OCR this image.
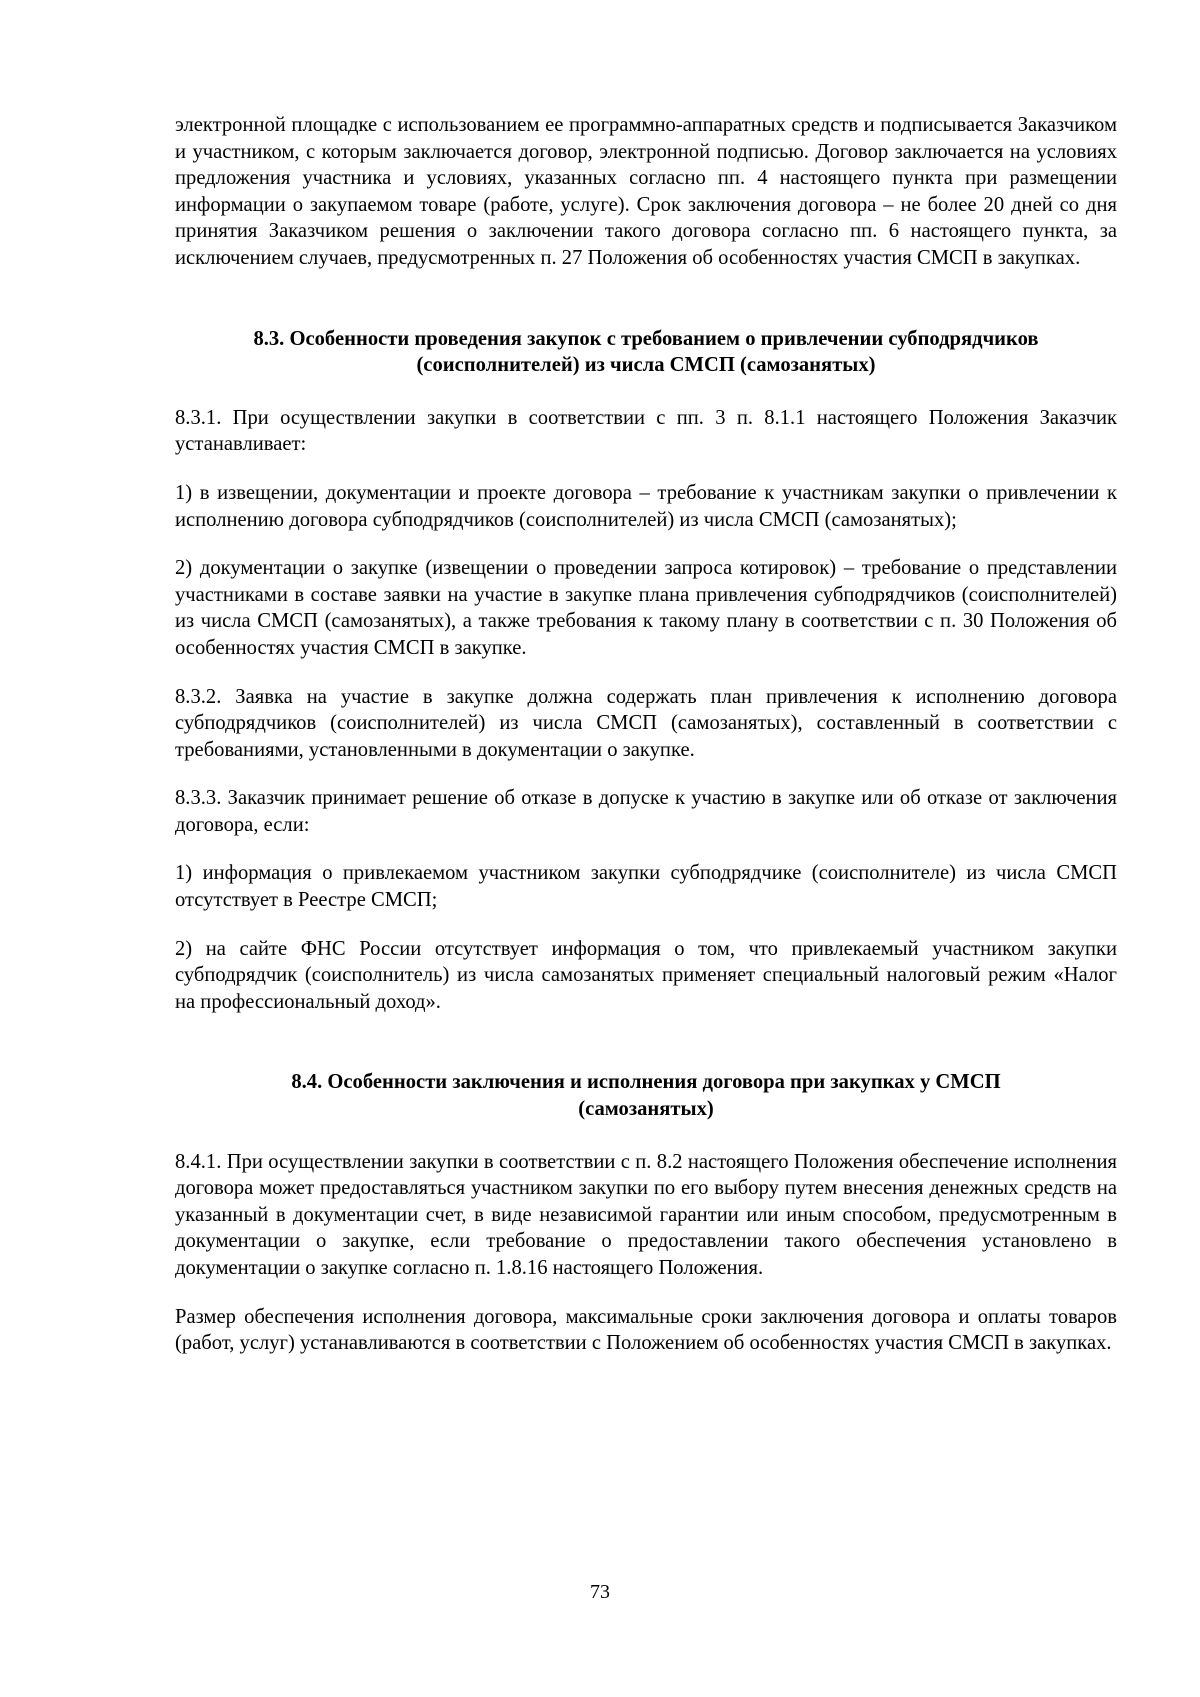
электронной площадке с использованием ее программно-аппаратных средств и подписывается Заказчиком и участником, с которым заключается договор, электронной подписью. Договор заключается на условиях предложения участника и условиях, указанных согласно пп. 4 настоящего пункта при размещении информации о закупаемом товаре (работе, услуге). Срок заключения договора – не более 20 дней со дня принятия Заказчиком решения о заключении такого договора согласно пп. 6 настоящего пункта, за исключением случаев, предусмотренных п. 27 Положения об особенностях участия СМСП в закупках.

8.3. Особенности проведения закупок с требованием о привлечении субподрядчиков
(соисполнителей) из числа СМСП (самозанятых)

8.3.1. При осуществлении закупки в соответствии с пп. 3 п. 8.1.1 настоящего Положения Заказчик устанавливает:

1) в извещении, документации и проекте договора – требование к участникам закупки о привлечении к исполнению договора субподрядчиков (соисполнителей) из числа СМСП (самозанятых);

2) документации о закупке (извещении о проведении запроса котировок) – требование о представлении участниками в составе заявки на участие в закупке плана привлечения субподрядчиков (соисполнителей) из числа СМСП (самозанятых), а также требования к такому плану в соответствии с п. 30 Положения об особенностях участия СМСП в закупке.

8.3.2. Заявка на участие в закупке должна содержать план привлечения к исполнению договора субподрядчиков (соисполнителей) из числа СМСП (самозанятых), составленный в соответствии с требованиями, установленными в документации о закупке.

8.3.3. Заказчик принимает решение об отказе в допуске к участию в закупке или об отказе от заключения договора, если:

1) информация о привлекаемом участником закупки субподрядчике (соисполнителе) из числа СМСП отсутствует в Реестре СМСП;

2) на сайте ФНС России отсутствует информация о том, что привлекаемый участником закупки субподрядчик (соисполнитель) из числа самозанятых применяет специальный налоговый режим «Налог на профессиональный доход».

8.4. Особенности заключения и исполнения договора при закупках у СМСП
(самозанятых)

8.4.1. При осуществлении закупки в соответствии с п. 8.2 настоящего Положения обеспечение исполнения договора может предоставляться участником закупки по его выбору путем внесения денежных средств на указанный в документации счет, в виде независимой гарантии или иным способом, предусмотренным в документации о закупке, если требование о предоставлении такого обеспечения установлено в документации о закупке согласно п. 1.8.16 настоящего Положения.

Размер обеспечения исполнения договора, максимальные сроки заключения договора и оплаты товаров (работ, услуг) устанавливаются в соответствии с Положением об особенностях участия СМСП в закупках.

73
